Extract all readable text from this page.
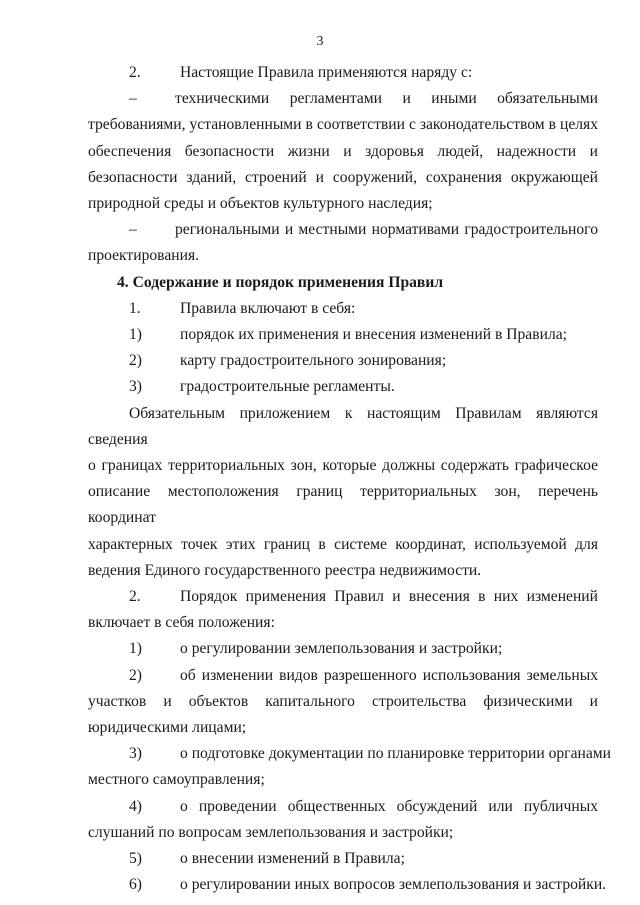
3
2.	Настоящие Правила применяются наряду с:
–	техническими регламентами и иными обязательными

требованиями, установленными в соответствии с законодательством в целях

обеспечения безопасности жизни и здоровья людей, надежности и

безопасности зданий, строений и сооружений, сохранения окружающей

природной среды и объектов культурного наследия;

–	региональными и местными нормативами градостроительного

проектирования.

4. Содержание и порядок применения Правил

1.	Правила включают в себя:
1)	порядок их применения и внесения изменений в Правила;
2)	карту градостроительного зонирования;
3)	градостроительные регламенты.

Обязательным приложением к настоящим Правилам являются сведения

о границах территориальных зон, которые должны содержать графическое

описание местоположения границ территориальных зон, перечень координат

характерных точек этих границ в системе координат, используемой для

ведения Единого государственного реестра недвижимости.

2.	Порядок применения Правил и внесения в них изменений

включает в себя положения:

1)	о регулировании землепользования и застройки;
2)	об изменении видов разрешенного использования земельных

участков и объектов капитального строительства физическими и

юридическими лицами;

3)	о подготовке документации по планировке территории органами

местного самоуправления;

4)	о проведении общественных обсуждений или публичных

слушаний по вопросам землепользования и застройки;

5)	о внесении изменений в Правила;
6)	о регулировании иных вопросов землепользования и застройки.
